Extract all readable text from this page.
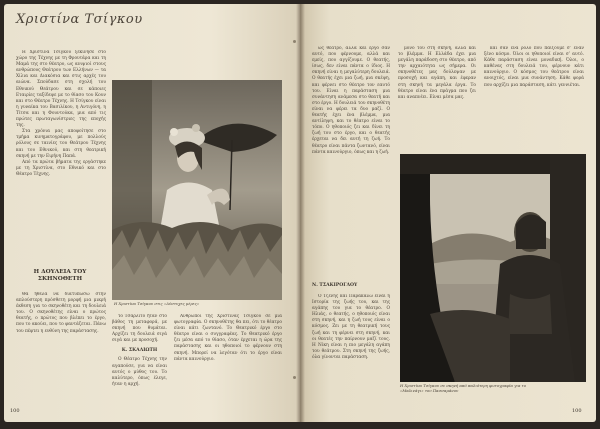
Χριστίνα Τσίγκου

Η Χριστίνα Τσίγκου ξεκίνησε στο χώρο της Τέχνης με τη Φρουτάρα και τη Μαμά της στο θέατρο, ως ανιψιοί στους ανθρώπους Θεάτρου των Ελλήνων — τα Χίλια και Διακόσια και στις αρχές του αιώνα. Σπούδασε στη σχολή του Εθνικού Θεάτρου και σε κάποιες Εταιρίες ταξίδεψε με το θίασο του Κουν και στο Θέατρο Τέχνης. Η Τσίγκου είναι η γυναίκα του Βασιλίκου, η Αντιγόνη, η Τίτσα και η Φουντούκα, μια από τις πρώτες πρωταγωνίστριες της εποχής της.

Στα χρόνια μας αποφοίτησε στο τμήμα κινηματογράφου, με πολλούς ρόλους σε ταινίες του Θεάτρου Τέχνης και του Εθνικού, και στη θεατρική σκηνή με την Ειρήνη Παπά.

Από τα πρώτα βήματα της εργάστηκε με τη Χριστίνα, στο Εθνικό και στο Θέατρο Τέχνης.

Η ΔΟΥΛΕΙΑ ΤΟΥ ΣΚΗΝΟΘΕΤΗ

Θα ήθελα να διατυπώσω στην απλούστερη πρόσθετη μορφή μια μικρή έκθεση για το σκηνοθέτη και τη δουλειά του. Ο σκηνοθέτης είναι ο πρώτος θεατής, ο πρώτος που βλέπει το έργο, που το ακούει, που το φαντάζεται. Πάνω του πέφτει η ευθύνη της παράστασης.

Η Χριστίνα Τσίγκου στις «Δύστυχες μέρες»

το Τσαρλίτο ήταν στο βάθος τη μεταφορά, με σκηνή που θυμάται. Αρχίζει τη δουλειά σιγά σιγά και με προσοχή.

Κ. ΣΚΑΛΙΩΤΗ

Ο Θέατρο Τέχνης την αγαπούσε, για να είναι αυτός ο μύθος του. Το καλύτερο, όπως έλεγε, ήταν η αρχή.

Άνθρωποι της Χριστίνας Τσίγκου σε μια φωτογραφία. Ο σκηνοθέτης θα πει, ότι το θέατρο είναι κάτι ζωντανό. Το Θεατρικό έργο στο θέατρο είναι ο συγγραφέας. Το Θεατρικό έργο ζει μέσα από το θίασο, όταν έρχεται η ώρα της παράστασης και οι ηθοποιοί το φέρνουν στη σκηνή. Μπορεί να λεγόταν ότι το έργο είναι πάντα καινούργιο.

100

ως θέατρο, αλλά και έργο σαν αυτό, που φέρνουμε, αλλά και εμείς, που αγγίζουμε. Ο θεατής, ίσως, δεν είναι πάντα ο ίδιος. Η σκηνή είναι η μεγαλύτερη δουλειά. Ο θεατής έχει μια ζωή, μια σκέψη, και φέρνει στο θέατρο τον εαυτό του. Είναι η παράσταση μια συνάντηση ανάμεσα στο θεατή και στο έργο. Η δουλειά του σκηνοθέτη είναι να φέρει τα δυο μαζί. Ο θεατής έχει ένα βλέμμα, μια αντίληψη, και το θέατρο είναι το τόπο. Ο ηθοποιός ζει και δίνει τη ζωή του στο έργο, και ο θεατής έρχεται να δει αυτή τη ζωή. Το θέατρο είναι πάντα ζωντανό, είναι πάντα καινούργιο, όπως και η ζωή.

μόνο του στη σκηνή, αλλά και το βλέμμα. Η Ελλάδα έχει μια μεγάλη παράδοση στο θέατρο, από την αρχαιότητα ως σήμερα. Οι σκηνοθέτες μας δούλεψαν με προσοχή και αγάπη, και έφεραν στη σκηνή τα μεγάλα έργα. Το θέατρο είναι ένα πράγμα που ζει και αναπνέει. Είναι μέσα μας.

και σαν ένα ρόλο που παίζουμε σ’ έναν ξένο κόσμο. Όλοι οι ηθοποιοί είναι σ’ αυτό. Κάθε παράσταση είναι μοναδική. Όλοι, ο καθένας στη δουλειά του, φέρνουν κάτι καινούργιο. Ο κόσμος του θεάτρου είναι ανοιχτός, είναι μια συνάντηση. Κάθε φορά που αρχίζει μια παράσταση, κάτι γεννιέται.

Ν. ΤΣΑΚΙΡΟΓΛΟΥ

Ο Τζένης και Παρακαλώ είναι η Ιστορία της ζωής του, και της αγάπης του για το θέατρο. Ο Ηλιάς, ο θεατής, ο ηθοποιός είναι στη σκηνή, και η ζωή τους είναι ο κόσμος. Ζει με τη θεατρική τους ζωή και τη φέρνει στη σκηνή, και οι θεατές την παίρνουν μαζί τους. Η Νίκη είναι η πιο μεγάλη αγάπη του θεάτρου. Στη σκηνή της ζωής, όλα γίνονται παράσταση.

Η Χριστίνα Τσίγκου σε σκηνή από παλιότερη φωτογραφία για το «Μαλινάγι» του Πασσαμάνου
100
